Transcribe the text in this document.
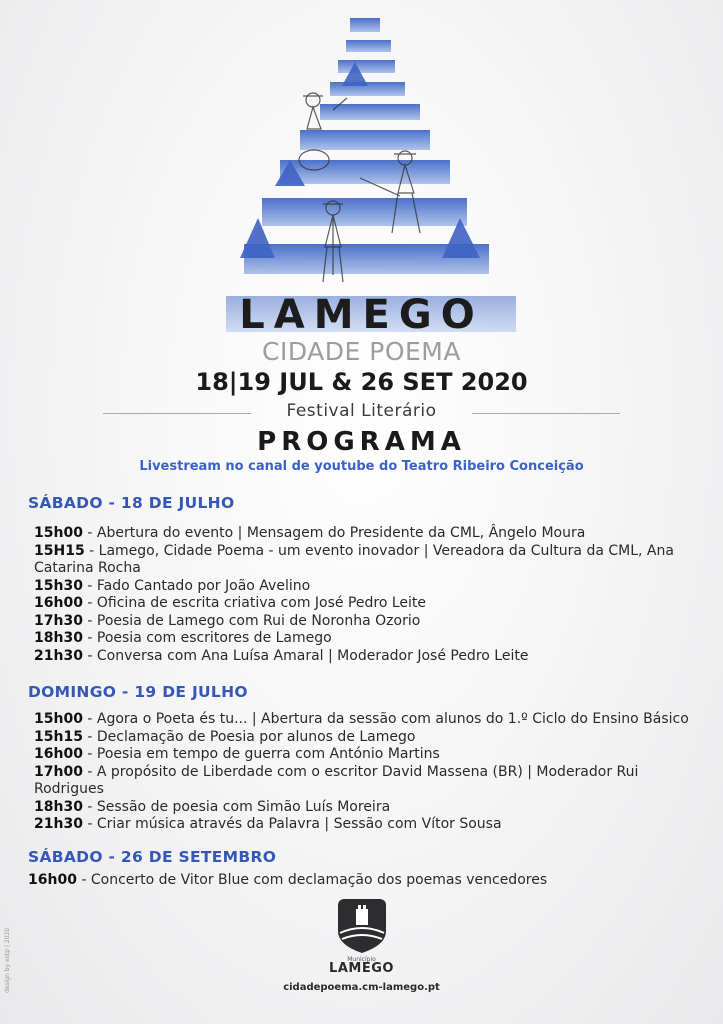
LAMEGO
CIDADE POEMA
18|19 JUL & 26 SET 2020
Festival Literário
PROGRAMA
Livestream no canal de youtube do Teatro Ribeiro Conceição
SÁBADO - 18 DE JULHO
15h00 - Abertura do evento | Mensagem do Presidente da CML, Ângelo Moura
15H15 - Lamego, Cidade Poema - um evento inovador | Vereadora da Cultura da CML, Ana Catarina Rocha
15h30 - Fado Cantado por João Avelino
16h00 - Oficina de escrita criativa com José Pedro Leite
17h30 - Poesia de Lamego com Rui de Noronha Ozorio
18h30 - Poesia com escritores de Lamego
21h30 - Conversa com Ana Luísa Amaral | Moderador José Pedro Leite
DOMINGO - 19 DE JULHO
15h00 - Agora o Poeta és tu... | Abertura da sessão com alunos do 1.º Ciclo do Ensino Básico
15h15 - Declamação de Poesia por alunos de Lamego
16h00 - Poesia em tempo de guerra com António Martins
17h00 - A propósito de Liberdade com o escritor David Massena (BR) | Moderador Rui Rodrigues
18h30 - Sessão de poesia com Simão Luís Moreira
21h30 - Criar música através da Palavra | Sessão com Vítor Sousa
SÁBADO - 26 DE SETEMBRO
16h00 - Concerto de Vitor Blue com declamação dos poemas vencedores
Município
LAMEGO
cidadepoema.cm-lamego.pt
design by estp | 2020
